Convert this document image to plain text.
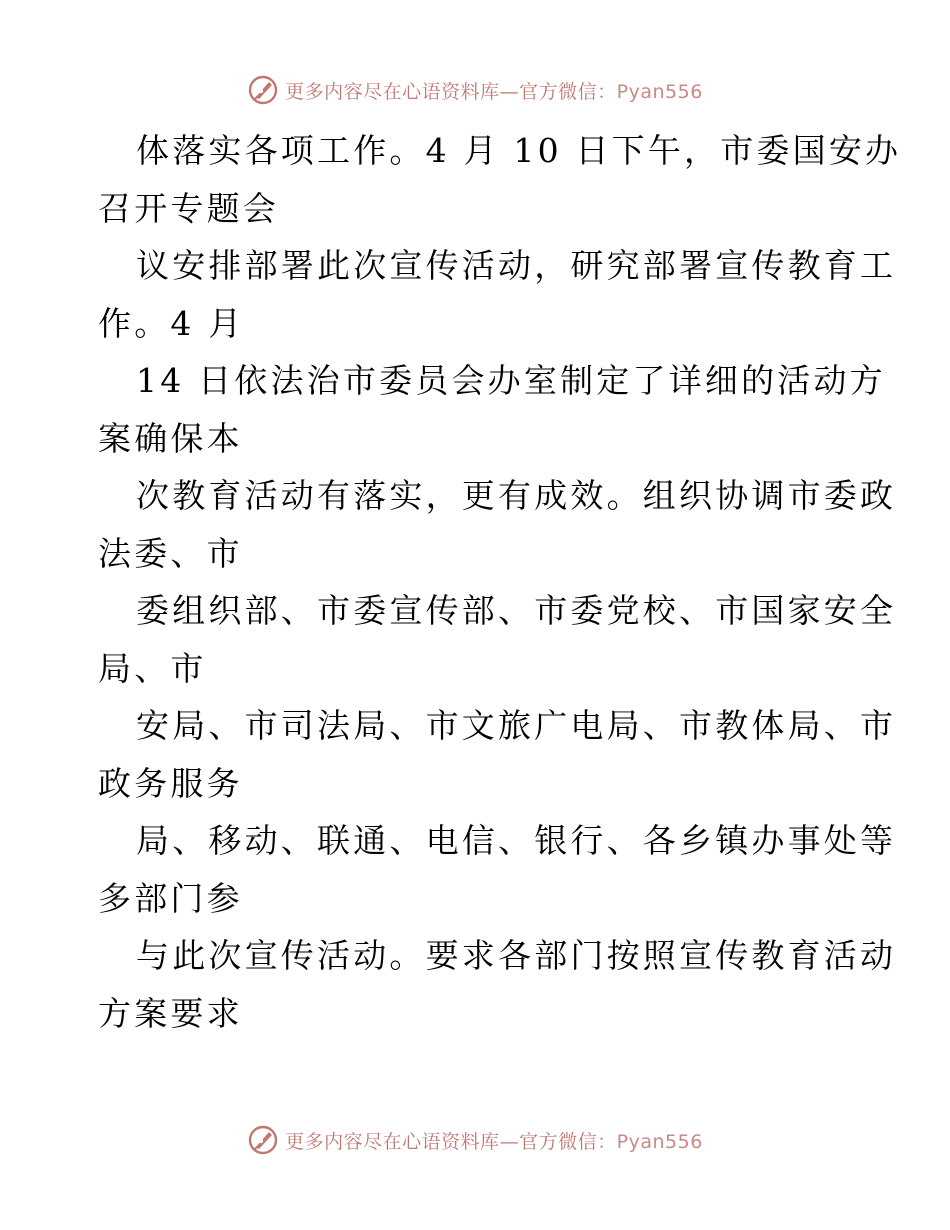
更多内容尽在心语资料库—官方微信：Pyan556

体落实各项工作。4 月 10 日下午，市委国安办
召开专题会

议安排部署此次宣传活动，研究部署宣传教育工
作。4 月

14 日依法治市委员会办室制定了详细的活动方
案确保本

次教育活动有落实，更有成效。组织协调市委政
法委、市

委组织部、市委宣传部、市委党校、市国家安全
局、市

安局、市司法局、市文旅广电局、市教体局、市
政务服务

局、移动、联通、电信、银行、各乡镇办事处等
多部门参

与此次宣传活动。要求各部门按照宣传教育活动
方案要求

更多内容尽在心语资料库—官方微信：Pyan556
